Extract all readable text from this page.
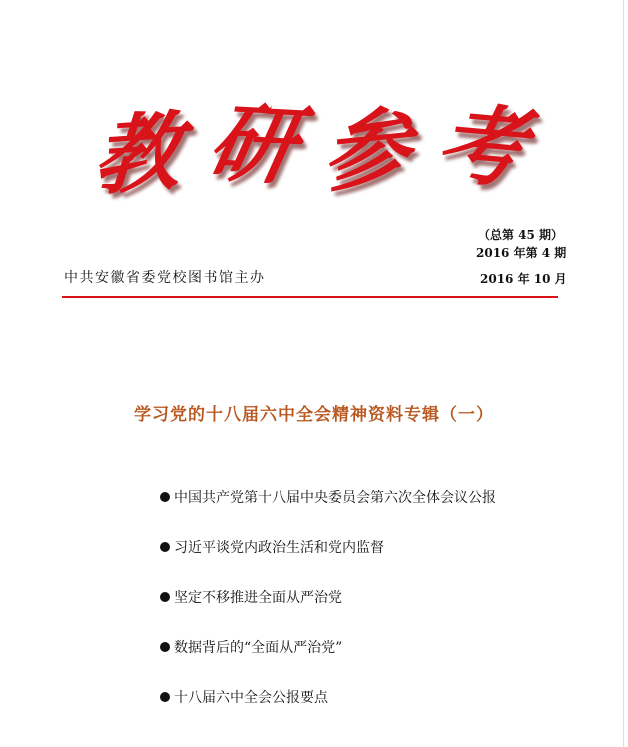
教 研 参 考
（总第 45 期）
2016 年第 4 期
中共安徽省委党校图书馆主办	2016 年 10 月
学习党的十八届六中全会精神资料专辑（一）
中国共产党第十八届中央委员会第六次全体会议公报
习近平谈党内政治生活和党内监督
坚定不移推进全面从严治党
数据背后的“全面从严治党”
十八届六中全会公报要点
